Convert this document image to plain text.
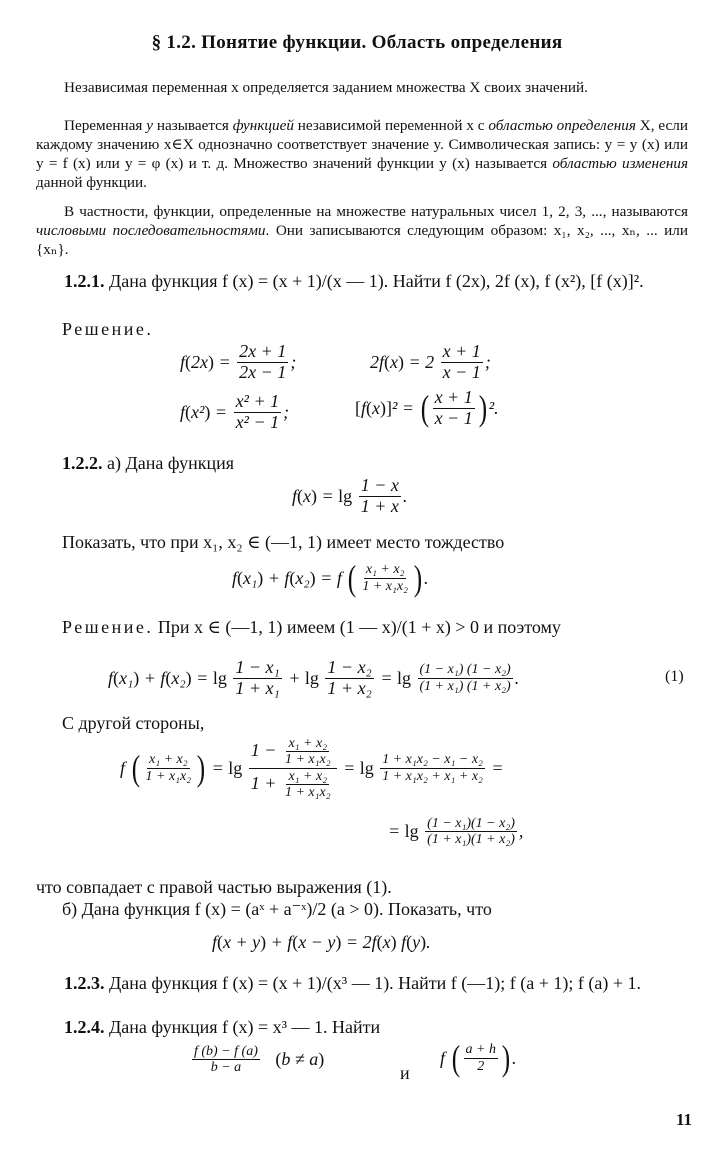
§ 1.2. Понятие функции. Область определения
Независимая переменная x определяется заданием множества X своих значений.
Переменная y называется функцией независимой переменной x с областью определения X, если каждому значению x∈X однозначно соответствует значение y. Символическая запись: y = y (x) или y = f (x) или y = φ (x) и т. д. Множество значений функции y (x) называется областью изменения данной функции.
В частности, функции, определенные на множестве натуральных чисел 1, 2, 3, ..., называются числовыми последовательностями. Они записываются следующим образом: x₁, x₂, ..., xₙ, ... или {xₙ}.
1.2.1. Дана функция f (x) = (x + 1)/(x — 1). Найти f (2x), 2f (x), f (x²), [f (x)]².
Решение.
f ( 2x ) = $\frac{2x + 1}{2x - 1}$ ;	2f ( x ) = $2 \frac{x + 1}{x - 1}$ ;
f ( x² ) = $\frac{\text{x² + 1}}{\text{x² − 1}}$ ;	[ f ( x )] ² = ( $\frac{x + 1}{x - 1}$ ) ².
1.2.2. а) Дана функция
f ( x ) = lg
$\frac{1 - x}{1 + x}$ .
Показать, что при x₁, x₂ ∈ (—1, 1) имеет место тождество
f ( x₁ ) + f ( x₂ ) = f ( $\frac{\text{x₁ + x₂}}{\text{1 + x₁x₂}}$ ) .
Решение. При x ∈ (—1, 1) имеем (1 — x)/(1 + x) > 0 и поэтому
f ( x₁ ) + f ( x₂ ) = lg
$\frac{\text{1 − x₁}}{\text{1 + x₁}} + \lg$
$\frac{\text{1 − x₂}}{\text{1 + x₂}} = \lg$
$\frac{\text{(1 − x₁) (1 − x₂)}}{\text{(1 + x₁) (1 + x₂)}}$ .	(1)
С другой стороны,
f ( $\frac{\text{x₁ + x₂}}{\text{1 + x₁x₂}}$ ) = lg
$\frac{1 - \frac{\text{x₁ + x₂}}{\text{1 + x₁x₂}}}{1 + \frac{\text{x₁ + x₂}}{\text{1 + x₁x₂}}} = \lg$
$\frac{\text{1 + x₁x₂ − x₁ − x₂}}{\text{1 + x₁x₂ + x₁ + x₂}}$ =
= lg
$\frac{\text{(1 − x₁)(1 − x₂)}}{\text{(1 + x₁)(1 + x₂)}}$ ,
что совпадает с правой частью выражения (1).
б) Дана функция f (x) = (aˣ + a⁻ˣ)/2 (a > 0). Показать, что
f ( x + y ) + f ( x − y ) = 2f ( x ) f ( y ) .
1.2.3. Дана функция f (x) = (x + 1)/(x³ — 1). Найти f (—1); f (a + 1); f (a) + 1.
1.2.4. Дана функция f (x) = x³ — 1. Найти
$\frac{f (b) - f (a)}{b - a}$
( b ≠ a )
и
f ( $\frac{a + h}{2}$ ) .
11
